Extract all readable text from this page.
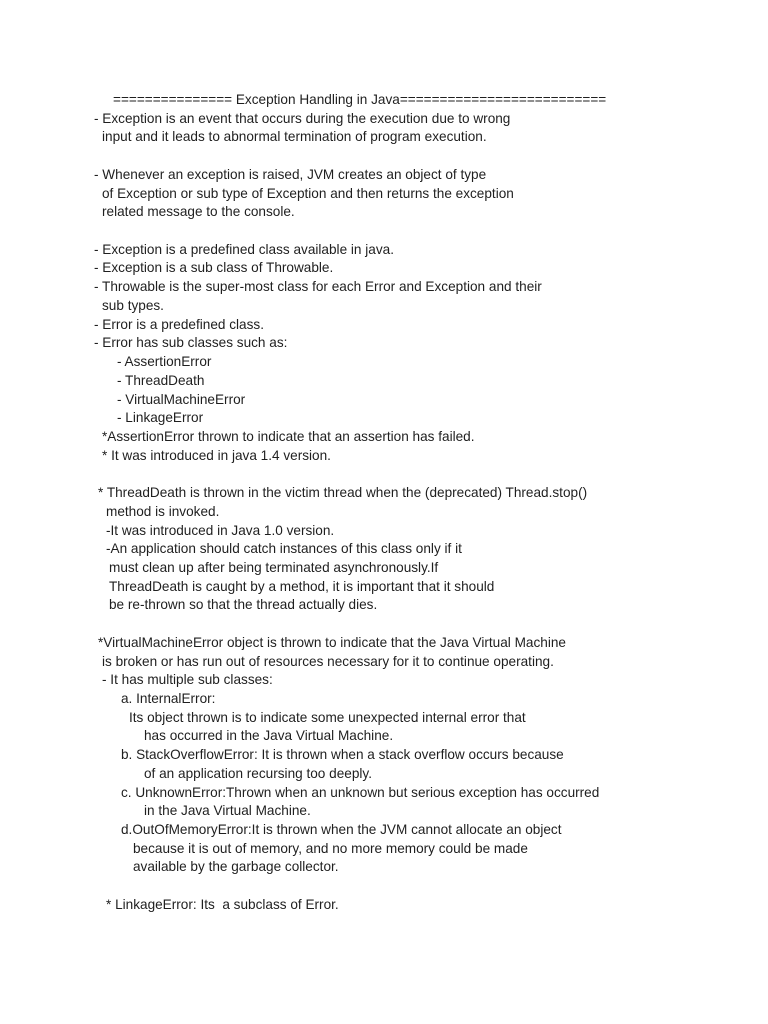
=============== Exception Handling in Java==========================
- Exception is an event that occurs during the execution due to wrong
input and it leads to abnormal termination of program execution.
- Whenever an exception is raised, JVM creates an object of type
of Exception or sub type of Exception and then returns the exception
related message to the console.
- Exception is a predefined class available in java.
- Exception is a sub class of Throwable.
- Throwable is the super-most class for each Error and Exception and their
sub types.
- Error is a predefined class.
- Error has sub classes such as:
- AssertionError
- ThreadDeath
- VirtualMachineError
- LinkageError
*AssertionError thrown to indicate that an assertion has failed.
* It was introduced in java 1.4 version.
* ThreadDeath is thrown in the victim thread when the (deprecated) Thread.stop()
method is invoked.
-It was introduced in Java 1.0 version.
-An application should catch instances of this class only if it
must clean up after being terminated asynchronously.If
ThreadDeath is caught by a method, it is important that it should
be re-thrown so that the thread actually dies.
*VirtualMachineError object is thrown to indicate that the Java Virtual Machine
is broken or has run out of resources necessary for it to continue operating.
- It has multiple sub classes:
a. InternalError:
Its object thrown is to indicate some unexpected internal error that
has occurred in the Java Virtual Machine.
b. StackOverflowError: It is thrown when a stack overflow occurs because
of an application recursing too deeply.
c. UnknownError:Thrown when an unknown but serious exception has occurred
in the Java Virtual Machine.
d.OutOfMemoryError:It is thrown when the JVM cannot allocate an object
because it is out of memory, and no more memory could be made
available by the garbage collector.
* LinkageError: Its  a subclass of Error.
